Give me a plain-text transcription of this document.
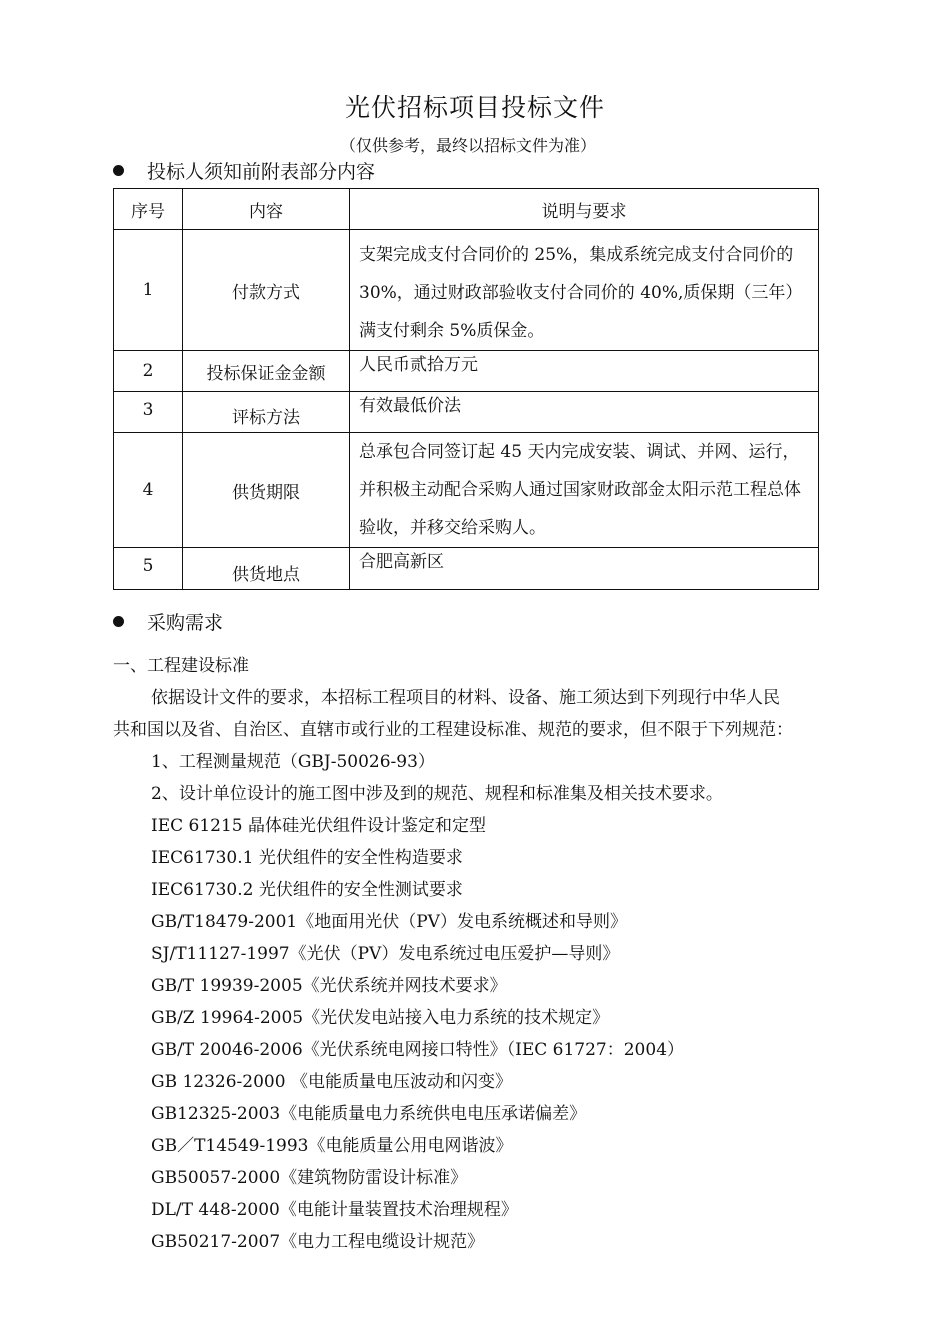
光伏招标项目投标文件
（仅供参考，最终以招标文件为准）
投标人须知前附表部分内容
序号	内容	说明与要求
1	付款方式	支架完成支付合同价的 25%，集成系统完成支付合同价的 30%，通过财政部验收支付合同价的 40%,质保期（三年）满支付剩余 5%质保金。
2	投标保证金金额	人民币贰拾万元
3	评标方法	有效最低价法
4	供货期限	总承包合同签订起 45 天内完成安装、调试、并网、运行，并积极主动配合采购人通过国家财政部金太阳示范工程总体验收，并移交给采购人。
5	供货地点	合肥高新区
采购需求
一、工程建设标准
依据设计文件的要求，本招标工程项目的材料、设备、施工须达到下列现行中华人民
共和国以及省、自治区、直辖市或行业的工程建设标准、规范的要求，但不限于下列规范：
1、工程测量规范（GBJ-50026-93）
2、设计单位设计的施工图中涉及到的规范、规程和标准集及相关技术要求。
IEC 61215 晶体硅光伏组件设计鉴定和定型
IEC61730.1 光伏组件的安全性构造要求
IEC61730.2 光伏组件的安全性测试要求
GB/T18479-2001《地面用光伏（PV）发电系统概述和导则》
SJ/T11127-1997《光伏（PV）发电系统过电压爱护—导则》
GB/T 19939-2005《光伏系统并网技术要求》
GB/Z 19964-2005《光伏发电站接入电力系统的技术规定》
GB/T 20046-2006《光伏系统电网接口特性》（IEC 61727：2004）
GB 12326-2000 《电能质量电压波动和闪变》
GB12325-2003《电能质量电力系统供电电压承诺偏差》
GB／T14549-1993《电能质量公用电网谐波》
GB50057-2000《建筑物防雷设计标准》
DL/T 448-2000《电能计量装置技术治理规程》
GB50217-2007《电力工程电缆设计规范》
